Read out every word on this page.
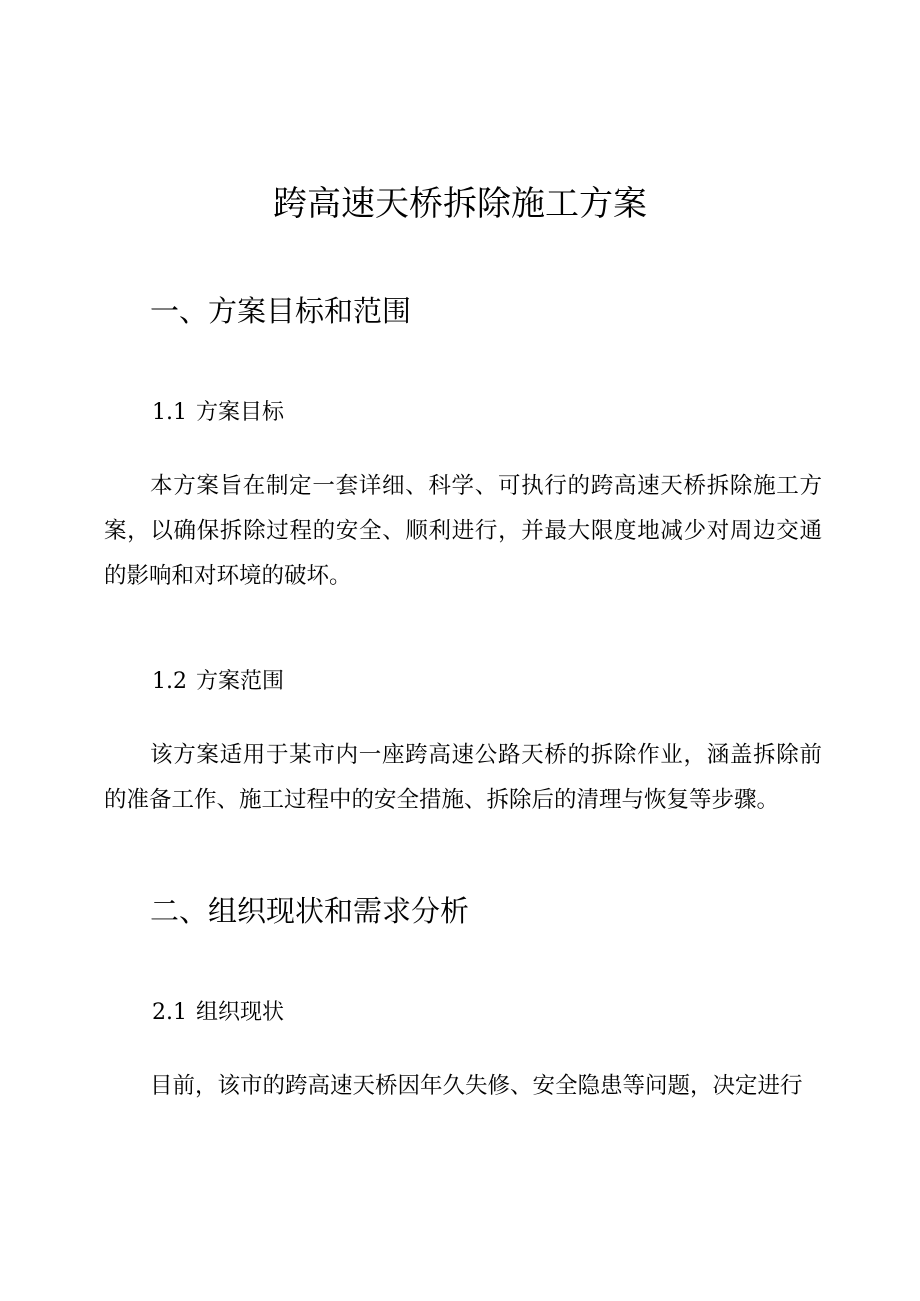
跨高速天桥拆除施工方案
一、方案目标和范围
1.1 方案目标

本方案旨在制定一套详细、科学、可执行的跨高速天桥拆除施工方案，以确保拆除过程的安全、顺利进行，并最大限度地减少对周边交通的影响和对环境的破坏。

1.2 方案范围

该方案适用于某市内一座跨高速公路天桥的拆除作业，涵盖拆除前的准备工作、施工过程中的安全措施、拆除后的清理与恢复等步骤。

二、组织现状和需求分析
2.1 组织现状

目前，该市的跨高速天桥因年久失修、安全隐患等问题，决定进行
